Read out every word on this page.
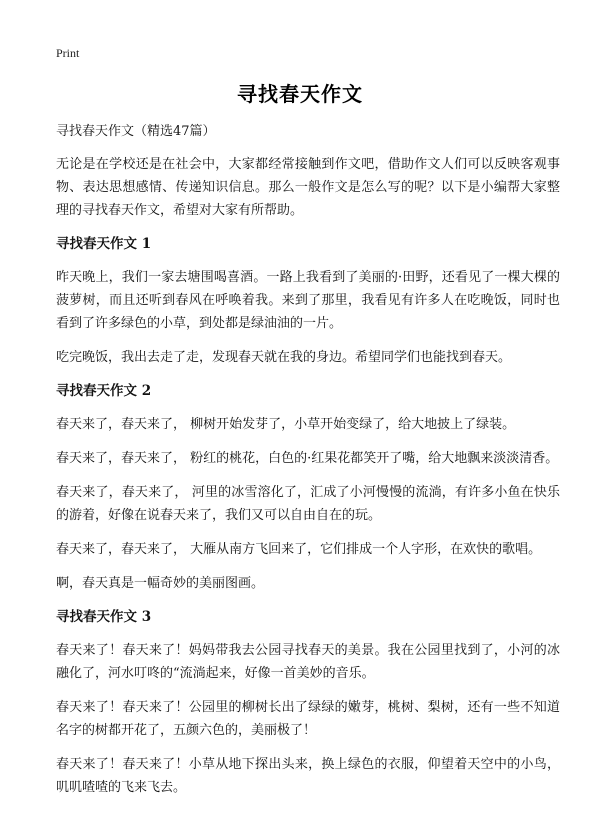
Print
寻找春天作文
寻找春天作文（精选47篇）
无论是在学校还是在社会中，大家都经常接触到作文吧，借助作文人们可以反映客观事物、表达思想感情、传递知识信息。那么一般作文是怎么写的呢？以下是小编帮大家整理的寻找春天作文，希望对大家有所帮助。
寻找春天作文 1
昨天晚上，我们一家去塘围喝喜酒。一路上我看到了美丽的·田野，还看见了一棵大棵的菠萝树，而且还听到春风在呼唤着我。来到了那里，我看见有许多人在吃晚饭，同时也看到了许多绿色的小草，到处都是绿油油的一片。
吃完晚饭，我出去走了走，发现春天就在我的身边。希望同学们也能找到春天。
寻找春天作文 2
春天来了，春天来了， 柳树开始发芽了，小草开始变绿了，给大地披上了绿装。
春天来了，春天来了， 粉红的桃花，白色的·红果花都笑开了嘴，给大地飘来淡淡清香。
春天来了，春天来了， 河里的冰雪溶化了，汇成了小河慢慢的流淌，有许多小鱼在快乐的游着，好像在说春天来了，我们又可以自由自在的玩。
春天来了，春天来了， 大雁从南方飞回来了，它们排成一个人字形，在欢快的歌唱。
啊，春天真是一幅奇妙的美丽图画。
寻找春天作文 3
春天来了！春天来了！妈妈带我去公园寻找春天的美景。我在公园里找到了，小河的冰融化了，河水叮咚的“流淌起来，好像一首美妙的音乐。
春天来了！春天来了！公园里的柳树长出了绿绿的嫩芽，桃树、梨树，还有一些不知道名字的树都开花了，五颜六色的，美丽极了！
春天来了！春天来了！小草从地下探出头来，换上绿色的衣服，仰望着天空中的小鸟，叽叽喳喳的飞来飞去。
